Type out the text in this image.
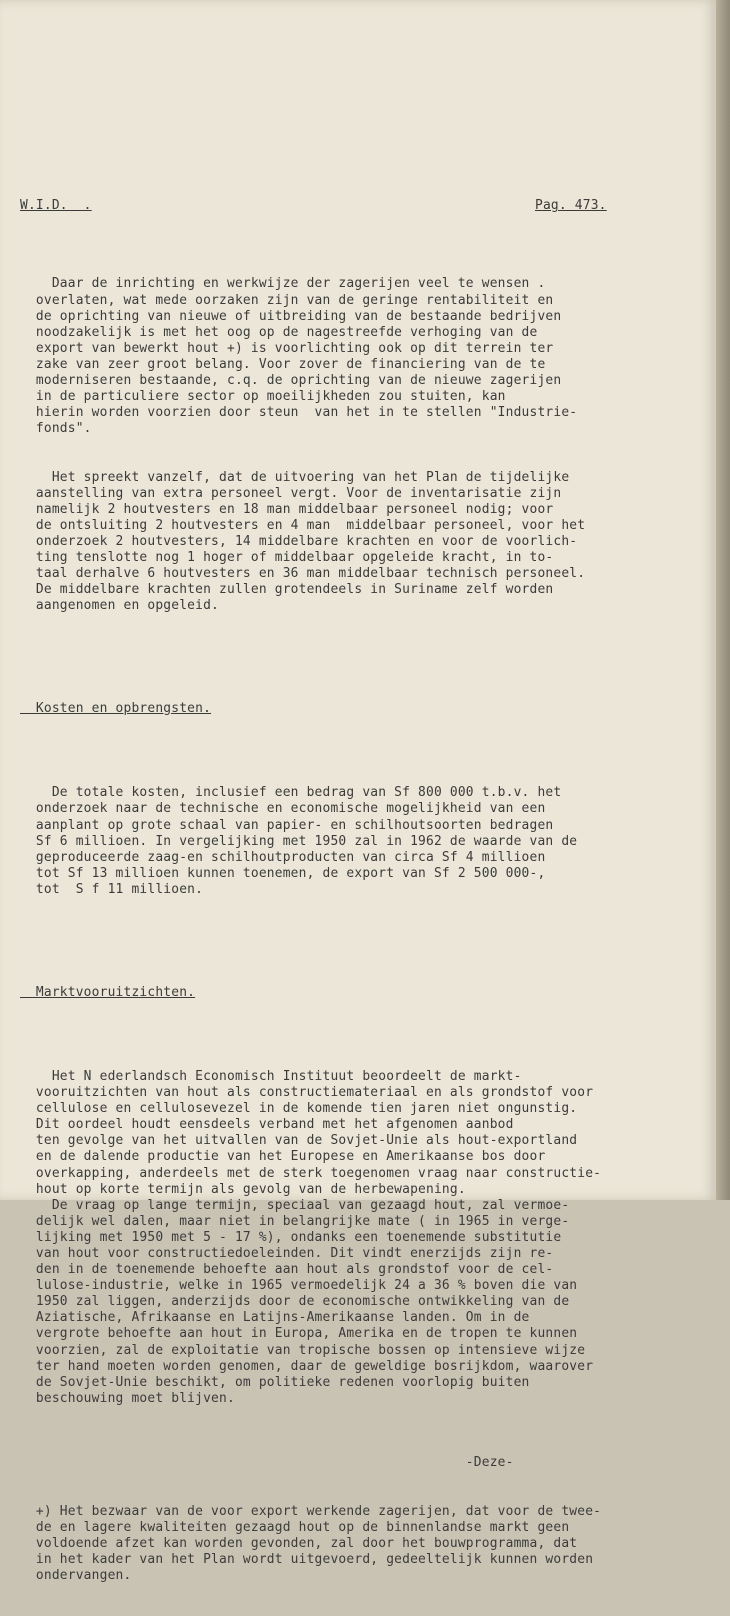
W.I.D.  .

	Pag. 473.

Daar de inrichting en werkwijze der zagerijen veel te wensen .
overlaten, wat mede oorzaken zijn van de geringe rentabiliteit en
de oprichting van nieuwe of uitbreiding van de bestaande bedrijven
noodzakelijk is met het oog op de nagestreefde verhoging van de
export van bewerkt hout +) is voorlichting ook op dit terrein ter
zake van zeer groot belang. Voor zover de financiering van de te
moderniseren bestaande, c.q. de oprichting van de nieuwe zagerijen
in de particuliere sector op moeilijkheden zou stuiten, kan
hierin worden voorzien door steun  van het in te stellen "Industrie-
fonds".

Het spreekt vanzelf, dat de uitvoering van het Plan de tijdelijke
aanstelling van extra personeel vergt. Voor de inventarisatie zijn
namelijk 2 houtvesters en 18 man middelbaar personeel nodig; voor
de ontsluiting 2 houtvesters en 4 man  middelbaar personeel, voor het
onderzoek 2 houtvesters, 14 middelbare krachten en voor de voorlich-
ting tenslotte nog 1 hoger of middelbaar opgeleide kracht, in to-
taal derhalve 6 houtvesters en 36 man middelbaar technisch personeel.
De middelbare krachten zullen grotendeels in Suriname zelf worden
aangenomen en opgeleid.

Kosten en opbrengsten.

De totale kosten, inclusief een bedrag van Sf 800 000 t.b.v. het
onderzoek naar de technische en economische mogelijkheid van een
aanplant op grote schaal van papier- en schilhoutsoorten bedragen
Sf 6 millioen. In vergelijking met 1950 zal in 1962 de waarde van de
geproduceerde zaag-en schilhoutproducten van circa Sf 4 millioen
tot Sf 13 millioen kunnen toenemen, de export van Sf 2 500 000-,
tot  S f 11 millioen.

Marktvooruitzichten.

Het N ederlandsch Economisch Instituut beoordeelt de markt-
vooruitzichten van hout als constructiemateriaal en als grondstof voor
cellulose en cellulosevezel in de komende tien jaren niet ongunstig.
Dit oordeel houdt eensdeels verband met het afgenomen aanbod
ten gevolge van het uitvallen van de Sovjet-Unie als hout-exportland
en de dalende productie van het Europese en Amerikaanse bos door
overkapping, anderdeels met de sterk toegenomen vraag naar constructie-
hout op korte termijn als gevolg van de herbewapening.
De vraag op lange termijn, speciaal van gezaagd hout, zal vermoe-
delijk wel dalen, maar niet in belangrijke mate ( in 1965 in verge-
lijking met 1950 met 5 - 17 %), ondanks een toenemende substitutie
van hout voor constructiedoeleinden. Dit vindt enerzijds zijn re-
den in de toenemende behoefte aan hout als grondstof voor de cel-
lulose-industrie, welke in 1965 vermoedelijk 24 a 36 % boven die van
1950 zal liggen, anderzijds door de economische ontwikkeling van de
Aziatische, Afrikaanse en Latijns-Amerikaanse landen. Om in de
vergrote behoefte aan hout in Europa, Amerika en de tropen te kunnen
voorzien, zal de exploitatie van tropische bossen op intensieve wijze
ter hand moeten worden genomen, daar de geweldige bosrijkdom, waarover
de Sovjet-Unie beschikt, om politieke redenen voorlopig buiten
beschouwing moet blijven.

-Deze-

+) Het bezwaar van de voor export werkende zagerijen, dat voor de twee-
de en lagere kwaliteiten gezaagd hout op de binnenlandse markt geen
voldoende afzet kan worden gevonden, zal door het bouwprogramma, dat
in het kader van het Plan wordt uitgevoerd, gedeeltelijk kunnen worden
ondervangen.
